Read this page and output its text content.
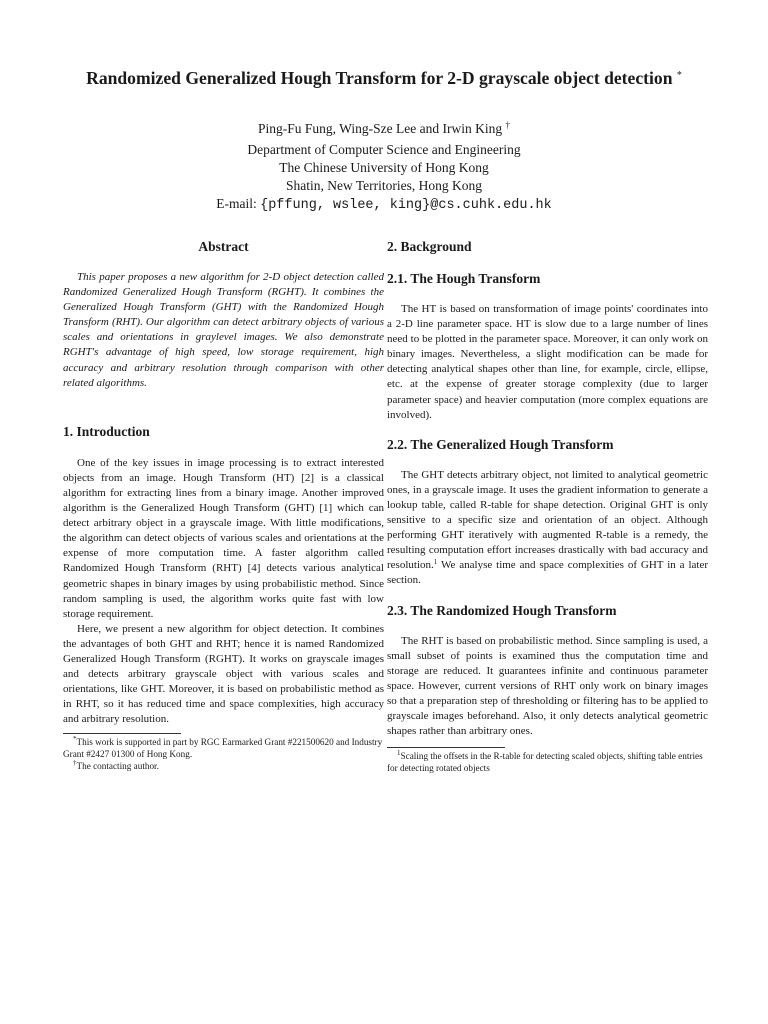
Randomized Generalized Hough Transform for 2-D grayscale object detection *
Ping-Fu Fung, Wing-Sze Lee and Irwin King †
Department of Computer Science and Engineering
The Chinese University of Hong Kong
Shatin, New Territories, Hong Kong
E-mail: {pffung, wslee, king}@cs.cuhk.edu.hk
Abstract

This paper proposes a new algorithm for 2-D object detection called Randomized Generalized Hough Transform (RGHT). It combines the Generalized Hough Transform (GHT) with the Randomized Hough Transform (RHT). Our algorithm can detect arbitrary objects of various scales and orientations in graylevel images. We also demonstrate RGHT's advantage of high speed, low storage requirement, high accuracy and arbitrary resolution through comparison with other related algorithms.

1. Introduction

One of the key issues in image processing is to extract interested objects from an image. Hough Transform (HT) [2] is a classical algorithm for extracting lines from a binary image. Another improved algorithm is the Generalized Hough Transform (GHT) [1] which can detect arbitrary object in a grayscale image. With little modifications, the algorithm can detect objects of various scales and orientations at the expense of more computation time. A faster algorithm called Randomized Hough Transform (RHT) [4] detects various analytical geometric shapes in binary images by using probabilistic method. Since random sampling is used, the algorithm works quite fast with low storage requirement.

Here, we present a new algorithm for object detection. It combines the advantages of both GHT and RHT; hence it is named Randomized Generalized Hough Transform (RGHT). It works on grayscale images and detects arbitrary grayscale object with various scales and orientations, like GHT. Moreover, it is based on probabilistic method as in RHT, so it has reduced time and space complexities, high accuracy and arbitrary resolution.

*This work is supported in part by RGC Earmarked Grant #221500620 and Industry Grant #2427 01300 of Hong Kong.

†The contacting author.

2. Background
2.1. The Hough Transform

The HT is based on transformation of image points' coordinates into a 2-D line parameter space. HT is slow due to a large number of lines need to be plotted in the parameter space. Moreover, it can only work on binary images. Nevertheless, a slight modification can be made for detecting analytical shapes other than line, for example, circle, ellipse, etc. at the expense of greater storage complexity (due to larger parameter space) and heavier computation (more complex equations are involved).

2.2. The Generalized Hough Transform

The GHT detects arbitrary object, not limited to analytical geometric ones, in a grayscale image. It uses the gradient information to generate a lookup table, called R-table for shape detection. Original GHT is only sensitive to a specific size and orientation of an object. Although performing GHT iteratively with augmented R-table is a remedy, the resulting computation effort increases drastically with bad accuracy and resolution.$^1$ We analyse time and space complexities of GHT in a later section.

2.3. The Randomized Hough Transform

The RHT is based on probabilistic method. Since sampling is used, a small subset of points is examined thus the computation time and storage are reduced. It guarantees infinite and continuous parameter space. However, current versions of RHT only work on binary images so that a preparation step of thresholding or filtering has to be applied to grayscale images beforehand. Also, it only detects analytical geometric shapes rather than arbitrary ones.

$^1$Scaling the offsets in the R-table for detecting scaled objects, shifting table entries for detecting rotated objects
